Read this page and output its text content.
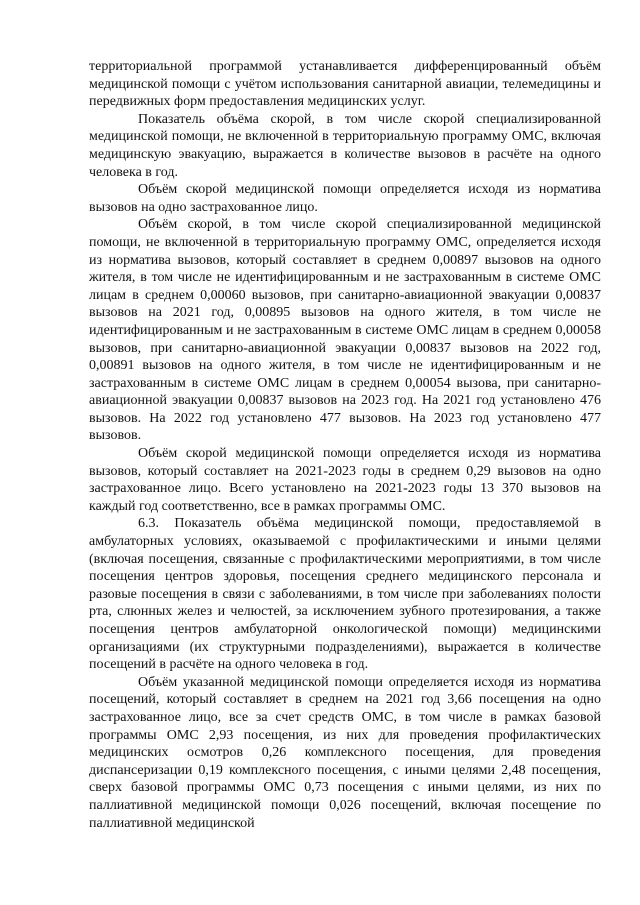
территориальной программой устанавливается дифференцированный объём медицинской помощи с учётом использования санитарной авиации, телемедицины и передвижных форм предоставления медицинских услуг.

Показатель объёма скорой, в том числе скорой специализированной медицинской помощи, не включенной в территориальную программу ОМС, включая медицинскую эвакуацию, выражается в количестве вызовов в расчёте на одного человека в год.

Объём скорой медицинской помощи определяется исходя из норматива вызовов на одно застрахованное лицо.

Объём скорой, в том числе скорой специализированной медицинской помощи, не включенной в территориальную программу ОМС, определяется исходя из норматива вызовов, который составляет в среднем 0,00897 вызовов на одного жителя, в том числе не идентифицированным и не застрахованным в системе ОМС лицам в среднем 0,00060 вызовов, при санитарно-авиационной эвакуации 0,00837 вызовов на 2021 год, 0,00895 вызовов на одного жителя, в том числе не идентифицированным и не застрахованным в системе ОМС лицам в среднем 0,00058 вызовов, при санитарно-авиационной эвакуации 0,00837 вызовов на 2022 год, 0,00891 вызовов на одного жителя, в том числе не идентифицированным и не застрахованным в системе ОМС лицам в среднем 0,00054 вызова, при санитарно-авиационной эвакуации 0,00837 вызовов на 2023 год. На 2021 год установлено 476 вызовов. На 2022 год установлено 477 вызовов. На 2023 год установлено 477 вызовов.

Объём скорой медицинской помощи определяется исходя из норматива вызовов, который составляет на 2021-2023 годы в среднем 0,29 вызовов на одно застрахованное лицо. Всего установлено на 2021-2023 годы 13 370 вызовов на каждый год соответственно, все в рамках программы ОМС.

6.3. Показатель объёма медицинской помощи, предоставляемой в амбулаторных условиях, оказываемой с профилактическими и иными целями (включая посещения, связанные с профилактическими мероприятиями, в том числе посещения центров здоровья, посещения среднего медицинского персонала и разовые посещения в связи с заболеваниями, в том числе при заболеваниях полости рта, слюнных желез и челюстей, за исключением зубного протезирования, а также посещения центров амбулаторной онкологической помощи) медицинскими организациями (их структурными подразделениями), выражается в количестве посещений в расчёте на одного человека в год.

Объём указанной медицинской помощи определяется исходя из норматива посещений, который составляет в среднем на 2021 год 3,66 посещения на одно застрахованное лицо, все за счет средств ОМС, в том числе в рамках базовой программы ОМС 2,93 посещения, из них для проведения профилактических медицинских осмотров 0,26 комплексного посещения, для проведения диспансеризации 0,19 комплексного посещения, с иными целями 2,48 посещения, сверх базовой программы ОМС 0,73 посещения с иными целями, из них по паллиативной медицинской помощи 0,026 посещений, включая посещение по паллиативной медицинской
